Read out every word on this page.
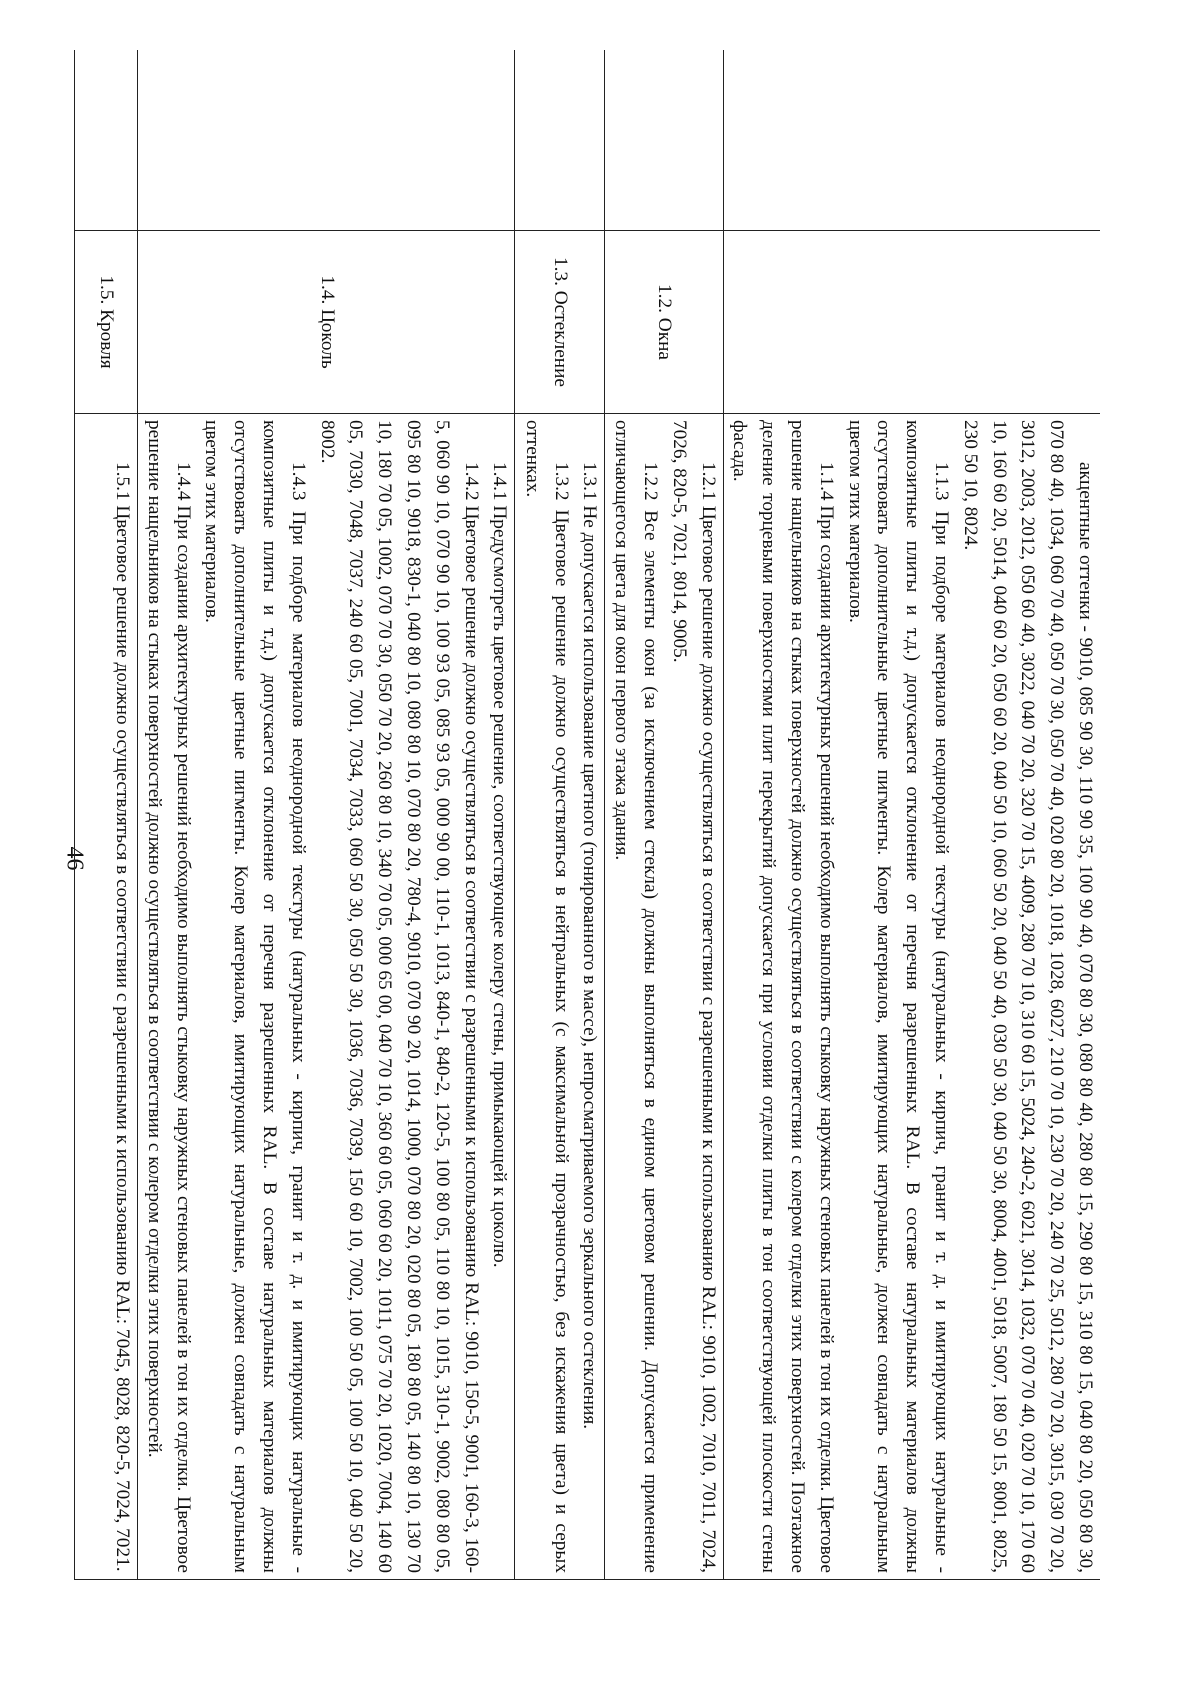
46

		акцентные оттенки - 9010, 085 90 30, 110 90 35, 100 90 40, 070 80 30, 080 80 40, 280 80 15, 290 80 15, 310 80 15, 040 80 20, 050 80 30, 070 80 40, 1034, 060 70 40, 050 70 30, 050 70 40, 020 80 20, 1018, 1028, 6027, 210 70 10, 230 70 20, 240 70 25, 5012, 280 70 20, 3015, 030 70 20, 3012, 2003, 2012, 050 60 40, 3022, 040 70 20, 320 70 15, 4009, 280 70 10, 310 60 15, 5024, 240-2, 6021, 3014, 1032, 070 70 40, 020 70 10, 170 60 10, 160 60 20, 5014, 040 60 20, 050 60 20, 040 50 10, 060 50 20, 040 50 40, 030 50 30, 040 50 30, 8004, 4001, 5018, 5007, 180 50 15, 8001, 8025, 230 50 10, 8024.

1.1.3 При подборе материалов неоднородной текстуры (натуральных - кирпич, гранит и т. д. и имитирующих натуральные - композитные плиты и т.д.) допускается отклонение от перечня разрешенных RAL. В составе натуральных материалов должны отсутствовать дополнительные цветные пигменты. Колер материалов, имитирующих натуральные, должен совпадать с натуральным цветом этих материалов.

1.1.4 При создании архитектурных решений необходимо выполнять стыковку наружных стеновых панелей в тон их отделки. Цветовое решение нащельников на стыках поверхностей должно осуществляться в соответствии с колером отделки этих поверхностей. Поэтажное деление торцевыми поверхностями плит перекрытий допускается при условии отделки плиты в тон соответствующей плоскости стены фасада.

	1.2. Окна	1.2.1 Цветовое решение должно осуществляться в соответствии с разрешенными к использованию RAL: 9010, 1002, 7010, 7011, 7024, 7026, 820-5, 7021, 8014, 9005.

1.2.2 Все элементы окон (за исключением стекла) должны выполняться в едином цветовом решении. Допускается применение отличающегося цвета для окон первого этажа здания.

	1.3. Остекление	1.3.1 Не допускается использование цветного (тонированного в массе), непросматриваемого зеркального остекления.

1.3.2 Цветовое решение должно осуществляться в нейтральных (с максимальной прозрачностью, без искажения цвета) и серых оттенках.

	1.4. Цоколь	1.4.1 Предусмотреть цветовое решение, соответствующее колеру стены, примыкающей к цоколю.

1.4.2 Цветовое решение должно осуществляться в соответствии с разрешенными к использованию RAL: 9010, 150-5, 9001, 160-3, 160-5, 060 90 10, 070 90 10, 100 93 05, 085 93 05, 000 90 00, 110-1, 1013, 840-1, 840-2, 120-5, 100 80 05, 110 80 10, 1015, 310-1, 9002, 080 80 05, 095 80 10, 9018, 830-1, 040 80 10, 080 80 10, 070 80 20, 780-4, 9010, 070 90 20, 1014, 1000, 070 80 20, 020 80 05, 180 80 05, 140 80 10, 130 70 10, 180 70 05, 1002, 070 70 30, 050 70 20, 260 80 10, 340 70 05, 000 65 00, 040 70 10, 360 60 05, 060 60 20, 1011, 075 70 20, 1020, 7004, 140 60 05, 7030, 7048, 7037, 240 60 05, 7001, 7034, 7033, 060 50 30, 050 50 30, 1036, 7036, 7039, 150 60 10, 7002, 100 50 05, 100 50 10, 040 50 20, 8002.

1.4.3 При подборе материалов неоднородной текстуры (натуральных - кирпич, гранит и т. д. и имитирующих натуральные - композитные плиты и т.д.) допускается отклонение от перечня разрешенных RAL. В составе натуральных материалов должны отсутствовать дополнительные цветные пигменты. Колер материалов, имитирующих натуральные, должен совпадать с натуральным цветом этих материалов.

1.4.4 При создании архитектурных решений необходимо выполнять стыковку наружных стеновых панелей в тон их отделки. Цветовое решение нащельников на стыках поверхностей должно осуществляться в соответствии с колером отделки этих поверхностей.

	1.5. Кровля	1.5.1 Цветовое решение должно осуществляться в соответствии с разрешенными к использованию RAL: 7045, 8028, 820-5, 7024, 7021.
